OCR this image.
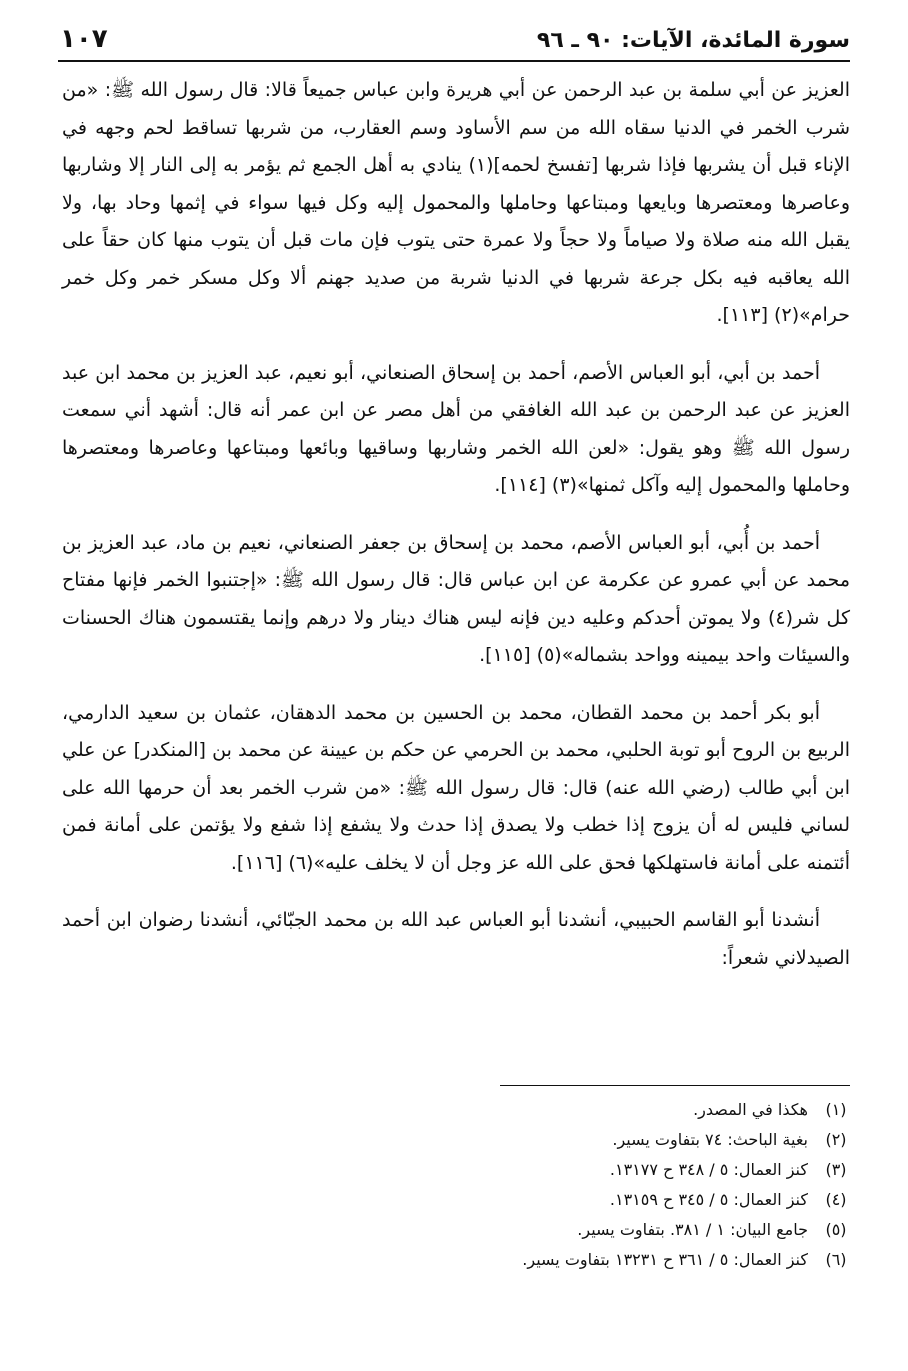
سورة المائدة، الآيات: ٩٠ ـ ٩٦
١٠٧

العزيز عن أبي سلمة بن عبد الرحمن عن أبي هريرة وابن عباس جميعاً قالا: قال رسول الله ﷺ: «من شرب الخمر في الدنيا سقاه الله من سم الأساود وسم العقارب، من شربها تساقط لحم وجهه في الإناء قبل أن يشربها فإذا شربها [تفسخ لحمه](١) ينادي به أهل الجمع ثم يؤمر به إلى النار إلا وشاربها وعاصرها ومعتصرها وبايعها ومبتاعها وحاملها والمحمول إليه وكل فيها سواء في إثمها وحاد بها، ولا يقبل الله منه صلاة ولا صياماً ولا حجاً ولا عمرة حتى يتوب فإن مات قبل أن يتوب منها كان حقاً على الله يعاقبه فيه بكل جرعة شربها في الدنيا شربة من صديد جهنم ألا وكل مسكر خمر وكل خمر حرام»(٢) [١١٣].

أحمد بن أبي، أبو العباس الأصم، أحمد بن إسحاق الصنعاني، أبو نعيم، عبد العزيز بن محمد ابن عبد العزيز عن عبد الرحمن بن عبد الله الغافقي من أهل مصر عن ابن عمر أنه قال: أشهد أني سمعت رسول الله ﷺ وهو يقول: «لعن الله الخمر وشاربها وساقيها وبائعها ومبتاعها وعاصرها ومعتصرها وحاملها والمحمول إليه وآكل ثمنها»(٣) [١١٤].

أحمد بن أُبي، أبو العباس الأصم، محمد بن إسحاق بن جعفر الصنعاني، نعيم بن ماد، عبد العزيز بن محمد عن أبي عمرو عن عكرمة عن ابن عباس قال: قال رسول الله ﷺ: «إجتنبوا الخمر فإنها مفتاح كل شر(٤) ولا يموتن أحدكم وعليه دين فإنه ليس هناك دينار ولا درهم وإنما يقتسمون هناك الحسنات والسيئات واحد بيمينه وواحد بشماله»(٥) [١١٥].

أبو بكر أحمد بن محمد القطان، محمد بن الحسين بن محمد الدهقان، عثمان بن سعيد الدارمي، الربيع بن الروح أبو توبة الحلبي، محمد بن الحرمي عن حكم بن عيينة عن محمد بن [المنكدر] عن علي ابن أبي طالب (رضي الله عنه) قال: قال رسول الله ﷺ: «من شرب الخمر بعد أن حرمها الله على لساني فليس له أن يزوج إذا خطب ولا يصدق إذا حدث ولا يشفع إذا شفع ولا يؤتمن على أمانة فمن أئتمنه على أمانة فاستهلكها فحق على الله عز وجل أن لا يخلف عليه»(٦) [١١٦].

أنشدنا أبو القاسم الحبيبي، أنشدنا أبو العباس عبد الله بن محمد الجبّائي، أنشدنا رضوان ابن أحمد الصيدلاني شعراً:

(١)
هكذا في المصدر.
(٢)
بغية الباحث: ٧٤ بتفاوت يسير.
(٣)
كنز العمال: ٥ / ٣٤٨ ح ١٣١٧٧.
(٤)
كنز العمال: ٥ / ٣٤٥ ح ١٣١٥٩.
(٥)
جامع البيان: ١ / ٣٨١. بتفاوت يسير.
(٦)
كنز العمال: ٥ / ٣٦١ ح ١٣٢٣١ بتفاوت يسير.
